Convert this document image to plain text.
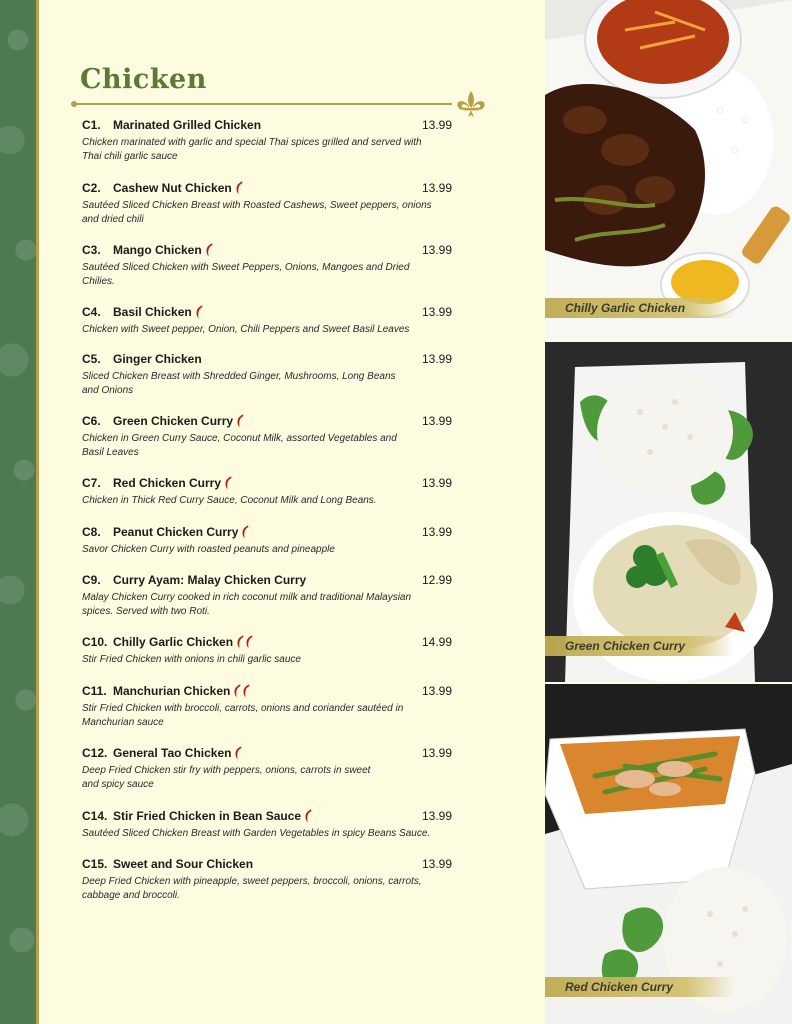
Chicken
C1.	Marinated Grilled Chicken	13.99
Chicken marinated with garlic and special Thai spices grilled and served with
Thai chili garlic sauce
C2.	Cashew Nut Chicken	13.99
Sautéed Sliced Chicken Breast with Roasted Cashews, Sweet peppers, onions
and dried chili
C3.	Mango Chicken	13.99
Sautéed Sliced Chicken with Sweet Peppers, Onions, Mangoes and Dried Chilies.
C4.	Basil Chicken	13.99
Chicken with Sweet pepper, Onion, Chili Peppers and Sweet Basil Leaves
C5.	Ginger Chicken	13.99
Sliced Chicken Breast with Shredded Ginger, Mushrooms, Long Beans
and Onions
C6.	Green Chicken Curry	13.99
Chicken in Green Curry Sauce, Coconut Milk, assorted Vegetables and
Basil Leaves
C7.	Red Chicken Curry	13.99
Chicken in Thick Red Curry Sauce, Coconut Milk and Long Beans.
C8.	Peanut Chicken Curry	13.99
Savor Chicken Curry with roasted peanuts and pineapple
C9.	Curry Ayam: Malay Chicken Curry	12.99
Malay Chicken Curry cooked in rich coconut milk and traditional Malaysian
spices. Served with two Roti.
C10. Chilly Garlic Chicken	14.99
Stir Fried Chicken with onions in chili garlic sauce
C11. Manchurian Chicken	13.99
Stir Fried Chicken with broccoli, carrots, onions and coriander sautéed in
Manchurian sauce
C12. General Tao Chicken	13.99
Deep Fried Chicken stir fry with peppers, onions, carrots in sweet
and spicy sauce
C14. Stir Fried Chicken in Bean Sauce	13.99
Sautéed Sliced Chicken Breast with Garden Vegetables in spicy Beans Sauce.
C15. Sweet and Sour Chicken	13.99
Deep Fried Chicken with pineapple, sweet peppers, broccoli, onions, carrots,
cabbage and broccoli.
Chilly Garlic Chicken
Green Chicken Curry
Red Chicken Curry
